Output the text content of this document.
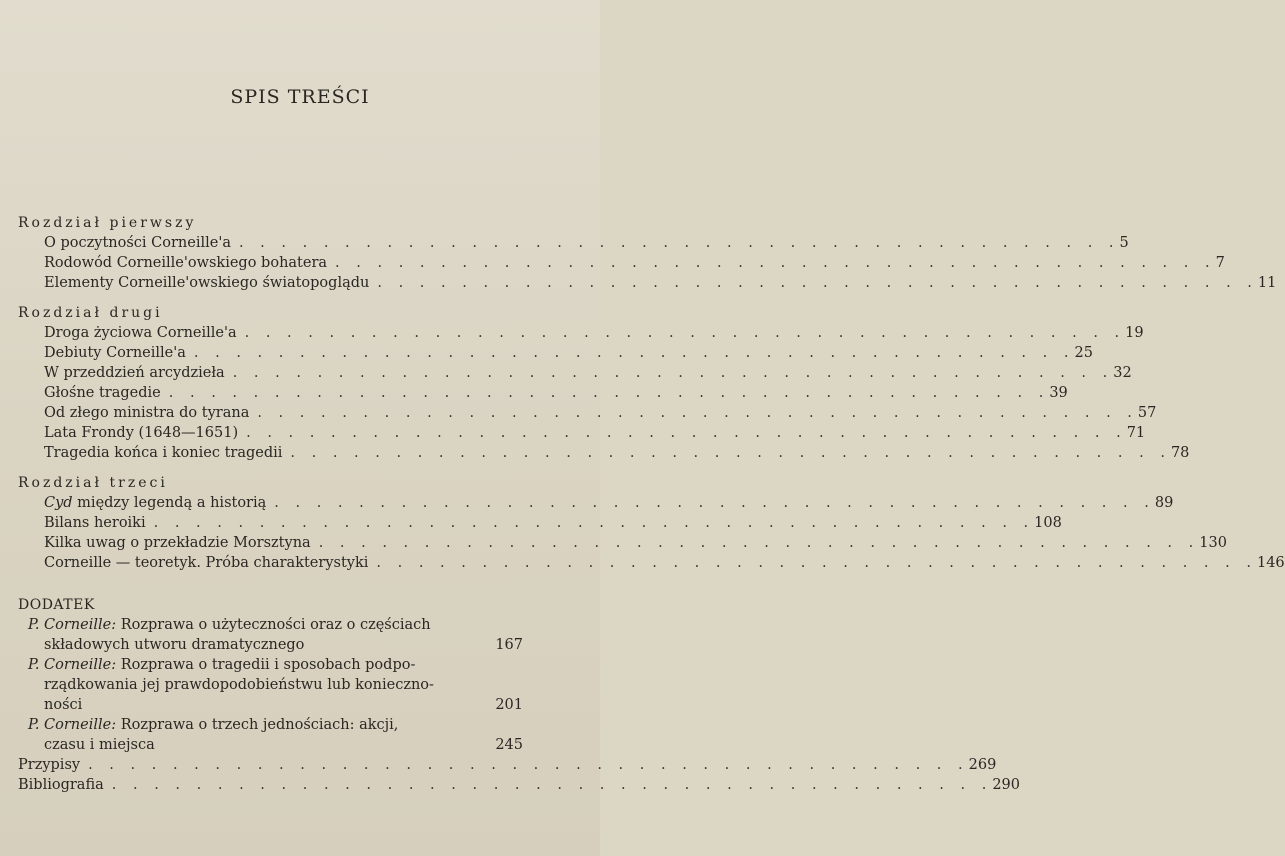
SPIS TREŚCI
Rozdział pierwszy
O poczytności Corneille'a . . . . . . . . . . . . . . . . . . . . . . . . . . . . . . . . . . . . . . . . . . 5
Rodowód Corneille'owskiego bohatera . . . . . . . . . . . . . . . . . . . . . . . . . . . . . . . . . . . . . . . . . . 7
Elementy Corneille'owskiego światopoglądu . . . . . . . . . . . . . . . . . . . . . . . . . . . . . . . . . . . . . . . . . . 11
Rozdział drugi
Droga życiowa Corneille'a . . . . . . . . . . . . . . . . . . . . . . . . . . . . . . . . . . . . . . . . . . 19
Debiuty Corneille'a . . . . . . . . . . . . . . . . . . . . . . . . . . . . . . . . . . . . . . . . . . 25
W przeddzień arcydzieła . . . . . . . . . . . . . . . . . . . . . . . . . . . . . . . . . . . . . . . . . . 32
Głośne tragedie . . . . . . . . . . . . . . . . . . . . . . . . . . . . . . . . . . . . . . . . . . 39
Od złego ministra do tyrana . . . . . . . . . . . . . . . . . . . . . . . . . . . . . . . . . . . . . . . . . . 57
Lata Frondy (1648—1651) . . . . . . . . . . . . . . . . . . . . . . . . . . . . . . . . . . . . . . . . . . 71
Tragedia końca i koniec tragedii . . . . . . . . . . . . . . . . . . . . . . . . . . . . . . . . . . . . . . . . . . 78
Rozdział trzeci
Cyd między legendą a historią . . . . . . . . . . . . . . . . . . . . . . . . . . . . . . . . . . . . . . . . . . 89
Bilans heroiki . . . . . . . . . . . . . . . . . . . . . . . . . . . . . . . . . . . . . . . . . . 108
Kilka uwag o przekładzie Morsztyna . . . . . . . . . . . . . . . . . . . . . . . . . . . . . . . . . . . . . . . . . . 130
Corneille — teoretyk. Próba charakterystyki . . . . . . . . . . . . . . . . . . . . . . . . . . . . . . . . . . . . . . . . . . 146
DODATEK
P. Corneille: Rozprawa o użyteczności oraz o częściach
składowych utworu dramatycznego	167
P. Corneille: Rozprawa o tragedii i sposobach podpo-
rządkowania jej prawdopodobieństwu lub konieczno-
ności	201
P. Corneille: Rozprawa o trzech jednościach: akcji,
czasu i miejsca	245
Przypisy . . . . . . . . . . . . . . . . . . . . . . . . . . . . . . . . . . . . . . . . . . 269
Bibliografia . . . . . . . . . . . . . . . . . . . . . . . . . . . . . . . . . . . . . . . . . . 290
